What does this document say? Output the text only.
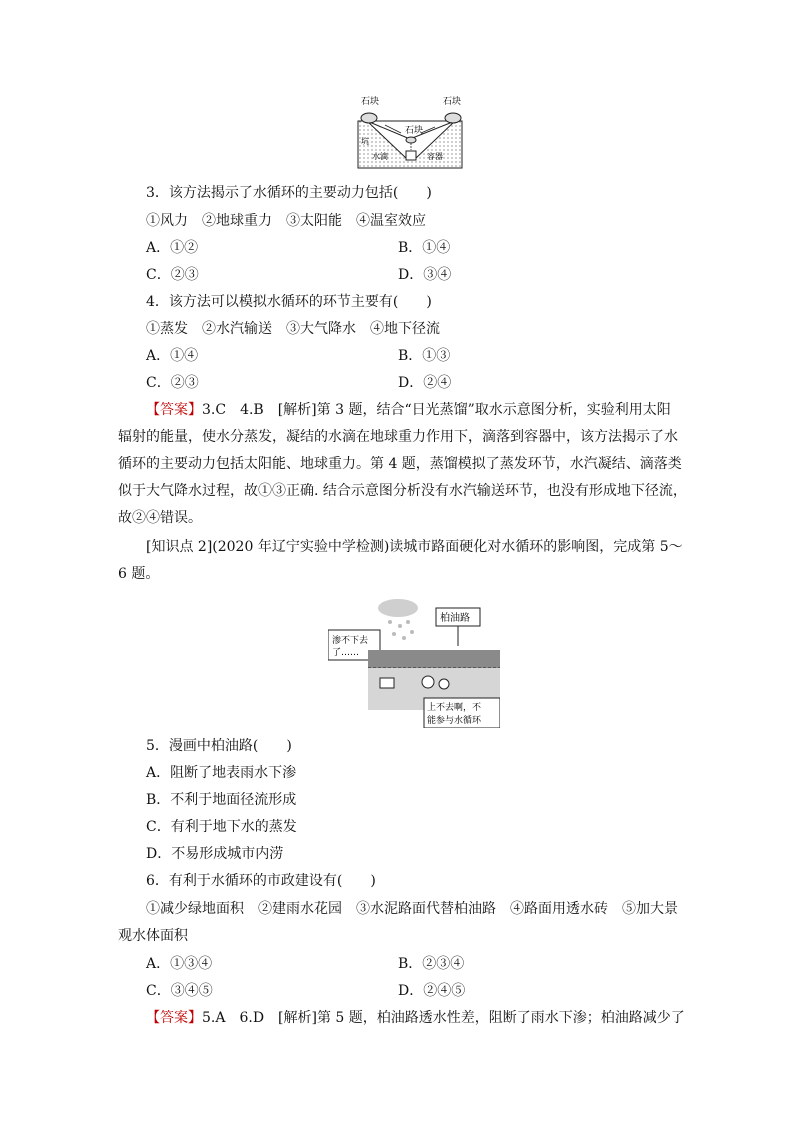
石块	石块
石块
坑
水滴	容器
3．该方法揭示了水循环的主要动力包括(　　)
①风力　②地球重力　③太阳能　④温室效应
A．①②	B．①④
C．②③	D．③④
4．该方法可以模拟水循环的环节主要有(　　)
①蒸发　②水汽输送　③大气降水　④地下径流
A．①④	B．①③
C．②③	D．②④
【答案】3.C　4.B　[解析]第 3 题，结合“日光蒸馏”取水示意图分析，实验利用太阳
辐射的能量，使水分蒸发，凝结的水滴在地球重力作用下，滴落到容器中，该方法揭示了水
循环的主要动力包括太阳能、地球重力。第 4 题，蒸馏模拟了蒸发环节，水汽凝结、滴落类
似于大气降水过程，故①③正确. 结合示意图分析没有水汽输送环节，也没有形成地下径流，
故②④错误。
[知识点 2](2020 年辽宁实验中学检测)读城市路面硬化对水循环的影响图，完成第 5～
6 题。
柏油路
渗不下去
了……
上不去啊，不
能参与水循环
5．漫画中柏油路(　　)
A．阻断了地表雨水下渗
B．不利于地面径流形成
C．有利于地下水的蒸发
D．不易形成城市内涝
6．有利于水循环的市政建设有(　　)
①减少绿地面积　②建雨水花园　③水泥路面代替柏油路　④路面用透水砖　⑤加大景
观水体面积
A．①③④	B．②③④
C．③④⑤	D．②④⑤
【答案】5.A　6.D　[解析]第 5 题，柏油路透水性差，阻断了雨水下渗；柏油路减少了
